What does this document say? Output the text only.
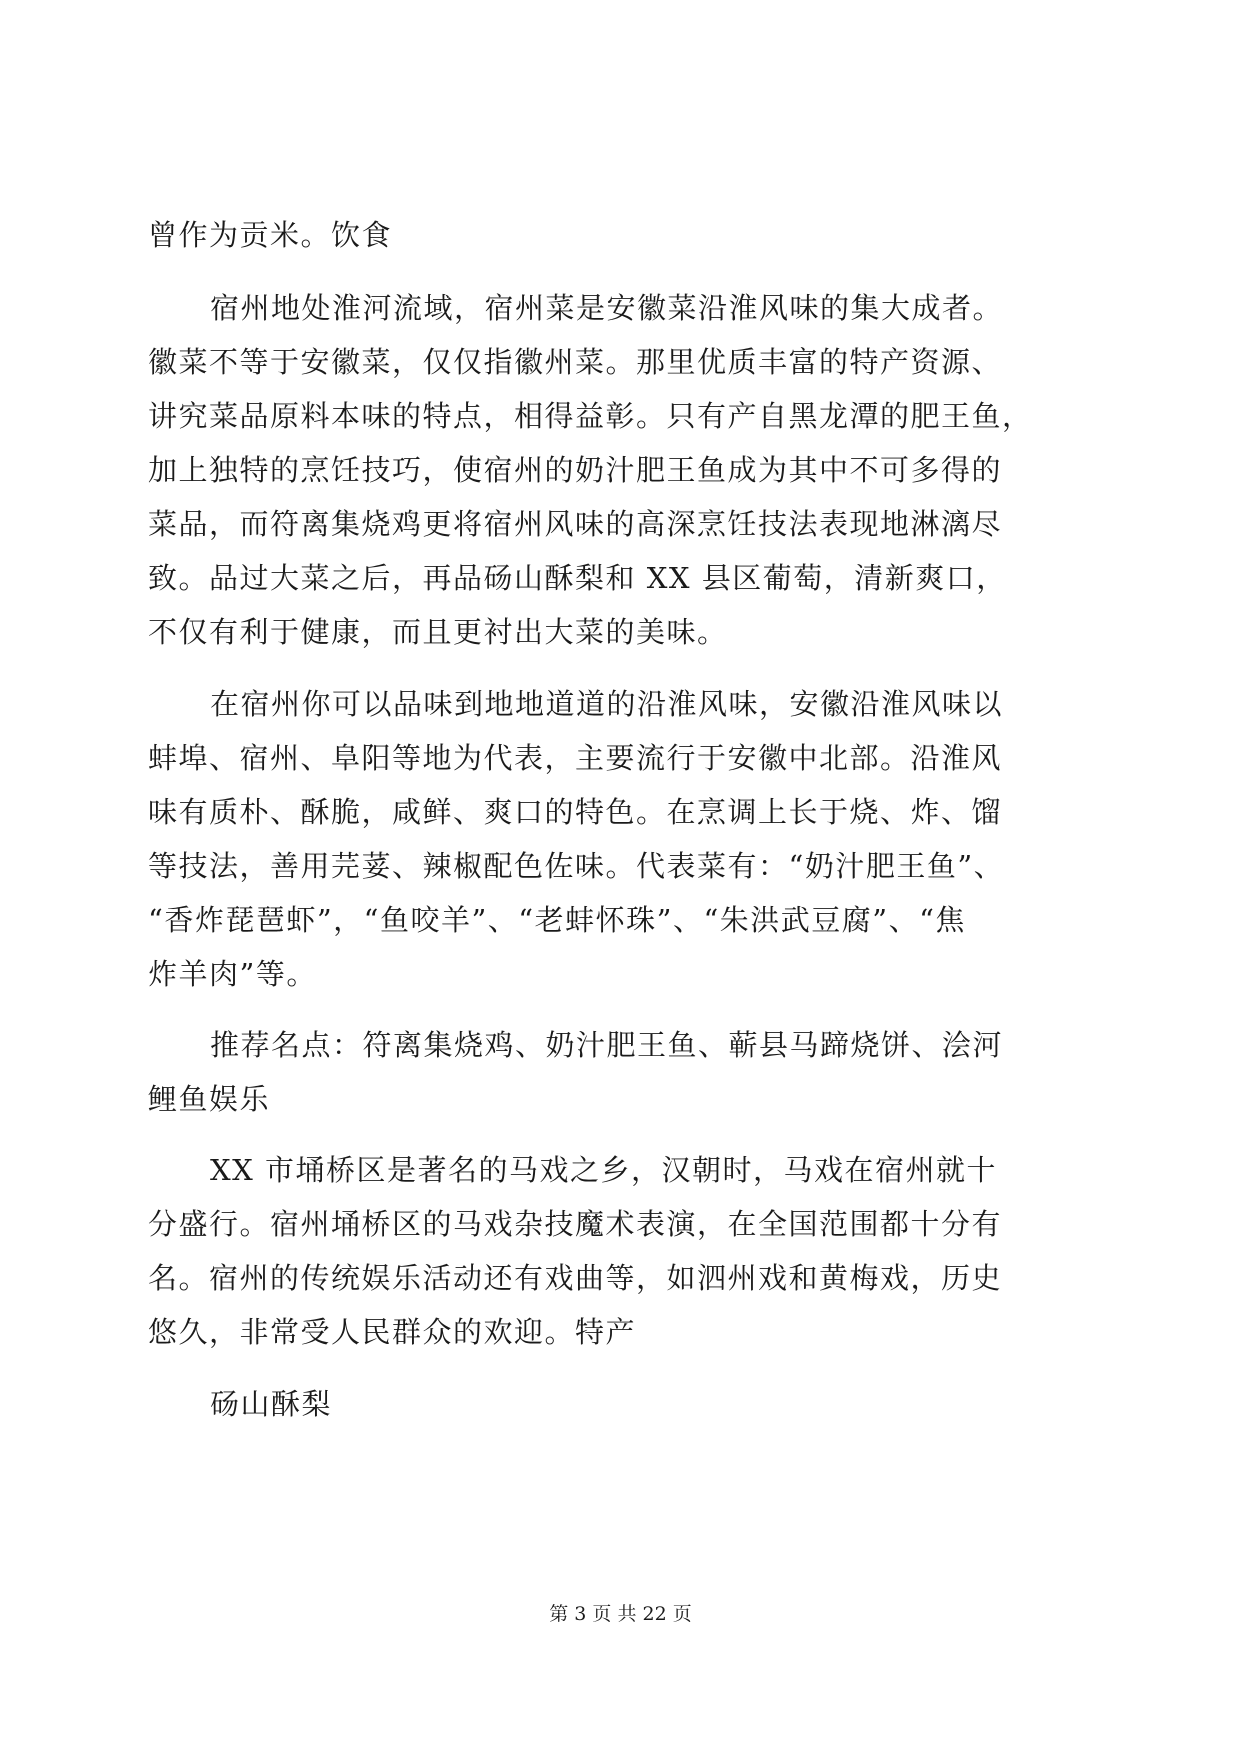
曾作为贡米。饮食
宿州地处淮河流域，宿州菜是安徽菜沿淮风味的集大成者。
徽菜不等于安徽菜，仅仅指徽州菜。那里优质丰富的特产资源、
讲究菜品原料本味的特点，相得益彰。只有产自黑龙潭的肥王鱼，
加上独特的烹饪技巧，使宿州的奶汁肥王鱼成为其中不可多得的
菜品，而符离集烧鸡更将宿州风味的高深烹饪技法表现地淋漓尽
致。品过大菜之后，再品砀山酥梨和 XX 县区葡萄，清新爽口，
不仅有利于健康，而且更衬出大菜的美味。
在宿州你可以品味到地地道道的沿淮风味，安徽沿淮风味以
蚌埠、宿州、阜阳等地为代表，主要流行于安徽中北部。沿淮风
味有质朴、酥脆，咸鲜、爽口的特色。在烹调上长于烧、炸、馏
等技法，善用芫荽、辣椒配色佐味。代表菜有：“奶汁肥王鱼”、
“香炸琵琶虾”，“鱼咬羊”、“老蚌怀珠”、“朱洪武豆腐”、“焦
炸羊肉”等。
推荐名点：符离集烧鸡、奶汁肥王鱼、蕲县马蹄烧饼、浍河
鲤鱼娱乐
XX 市埇桥区是著名的马戏之乡，汉朝时，马戏在宿州就十
分盛行。宿州埇桥区的马戏杂技魔术表演，在全国范围都十分有
名。宿州的传统娱乐活动还有戏曲等，如泗州戏和黄梅戏，历史
悠久，非常受人民群众的欢迎。特产
砀山酥梨
第 3 页 共 22 页
